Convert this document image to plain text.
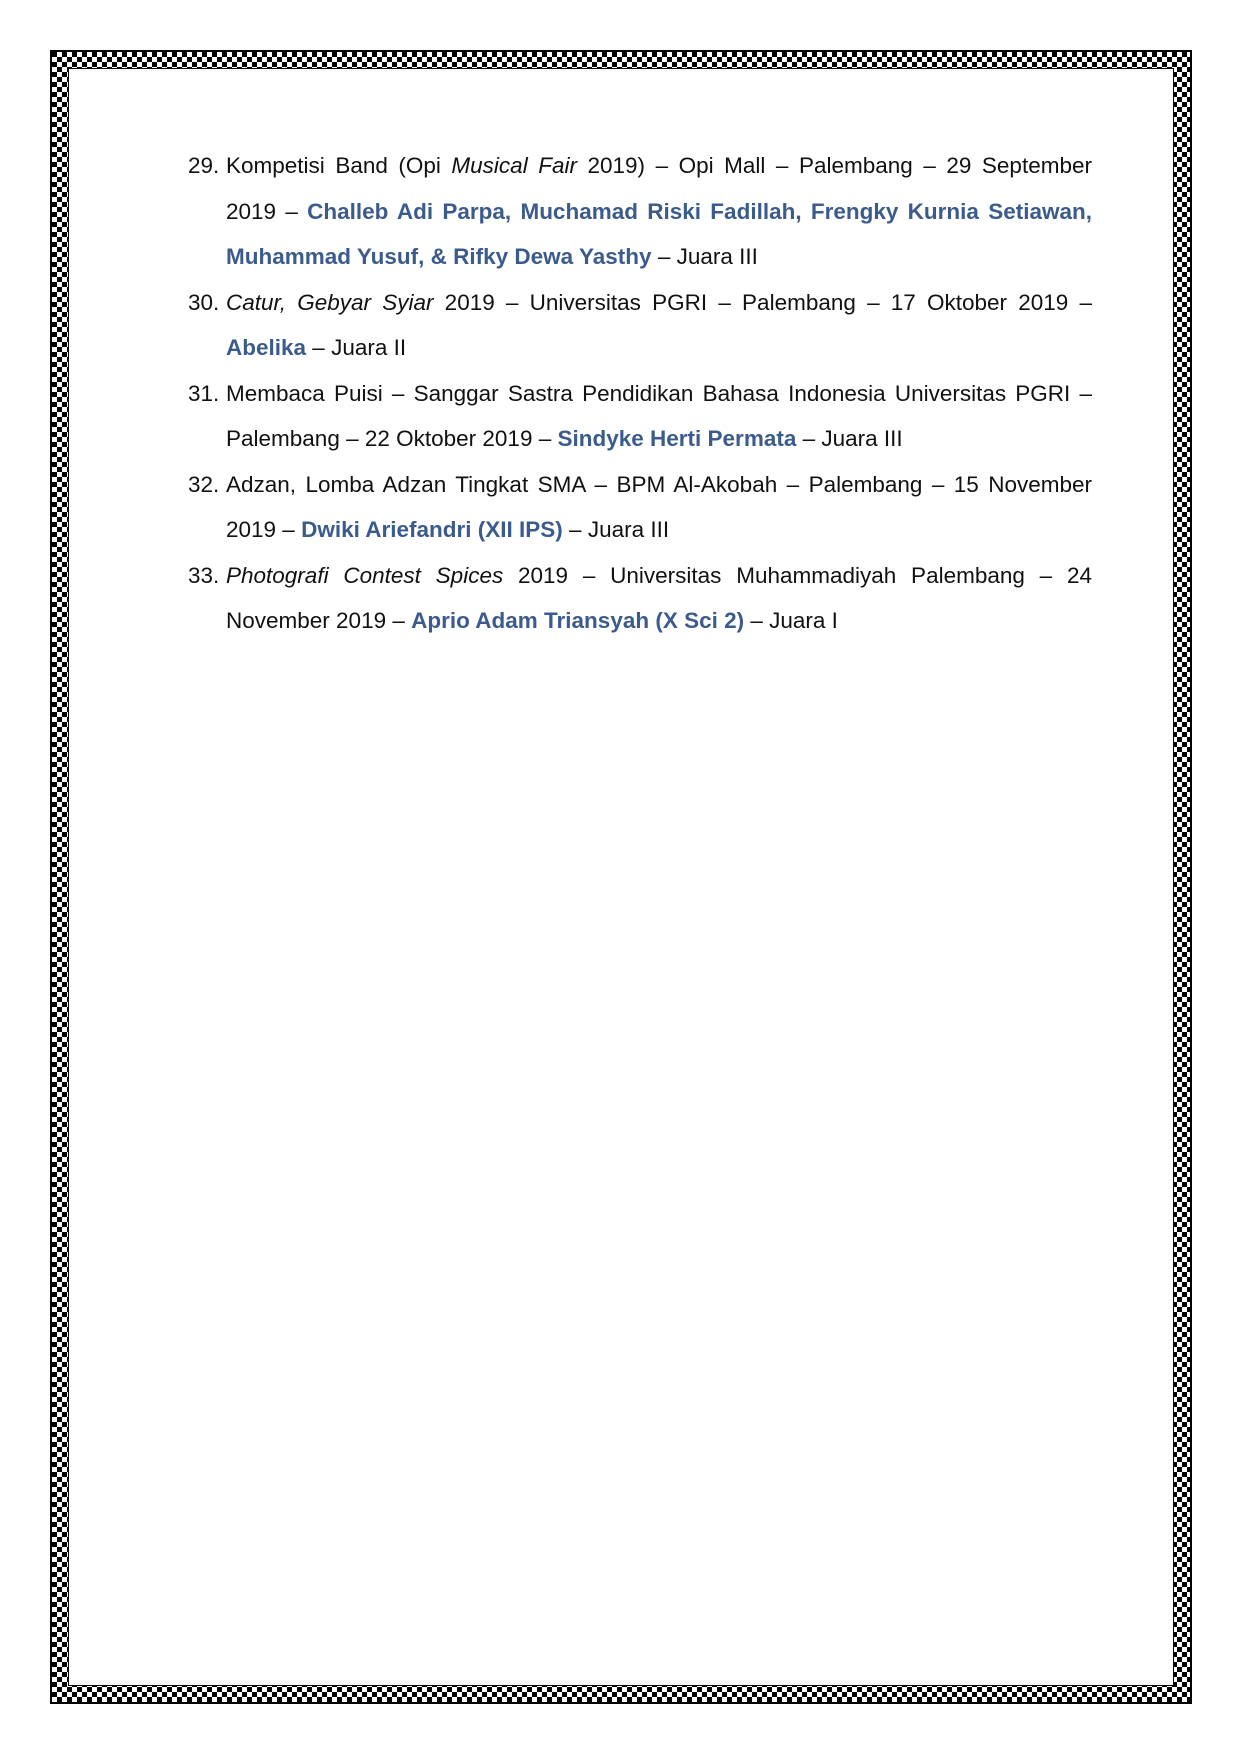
29. Kompetisi Band (Opi Musical Fair 2019) – Opi Mall – Palembang – 29 September 2019 – Challeb Adi Parpa, Muchamad Riski Fadillah, Frengky Kurnia Setiawan, Muhammad Yusuf, & Rifky Dewa Yasthy – Juara III
30. Catur, Gebyar Syiar 2019 – Universitas PGRI – Palembang – 17 Oktober 2019 – Abelika – Juara II
31. Membaca Puisi – Sanggar Sastra Pendidikan Bahasa Indonesia Universitas PGRI – Palembang – 22 Oktober 2019 – Sindyke Herti Permata – Juara III
32. Adzan, Lomba Adzan Tingkat SMA – BPM Al-Akobah – Palembang – 15 November 2019 – Dwiki Ariefandri (XII IPS) – Juara III
33. Photografi Contest Spices 2019 – Universitas Muhammadiyah Palembang – 24 November 2019 – Aprio Adam Triansyah (X Sci 2) – Juara I
